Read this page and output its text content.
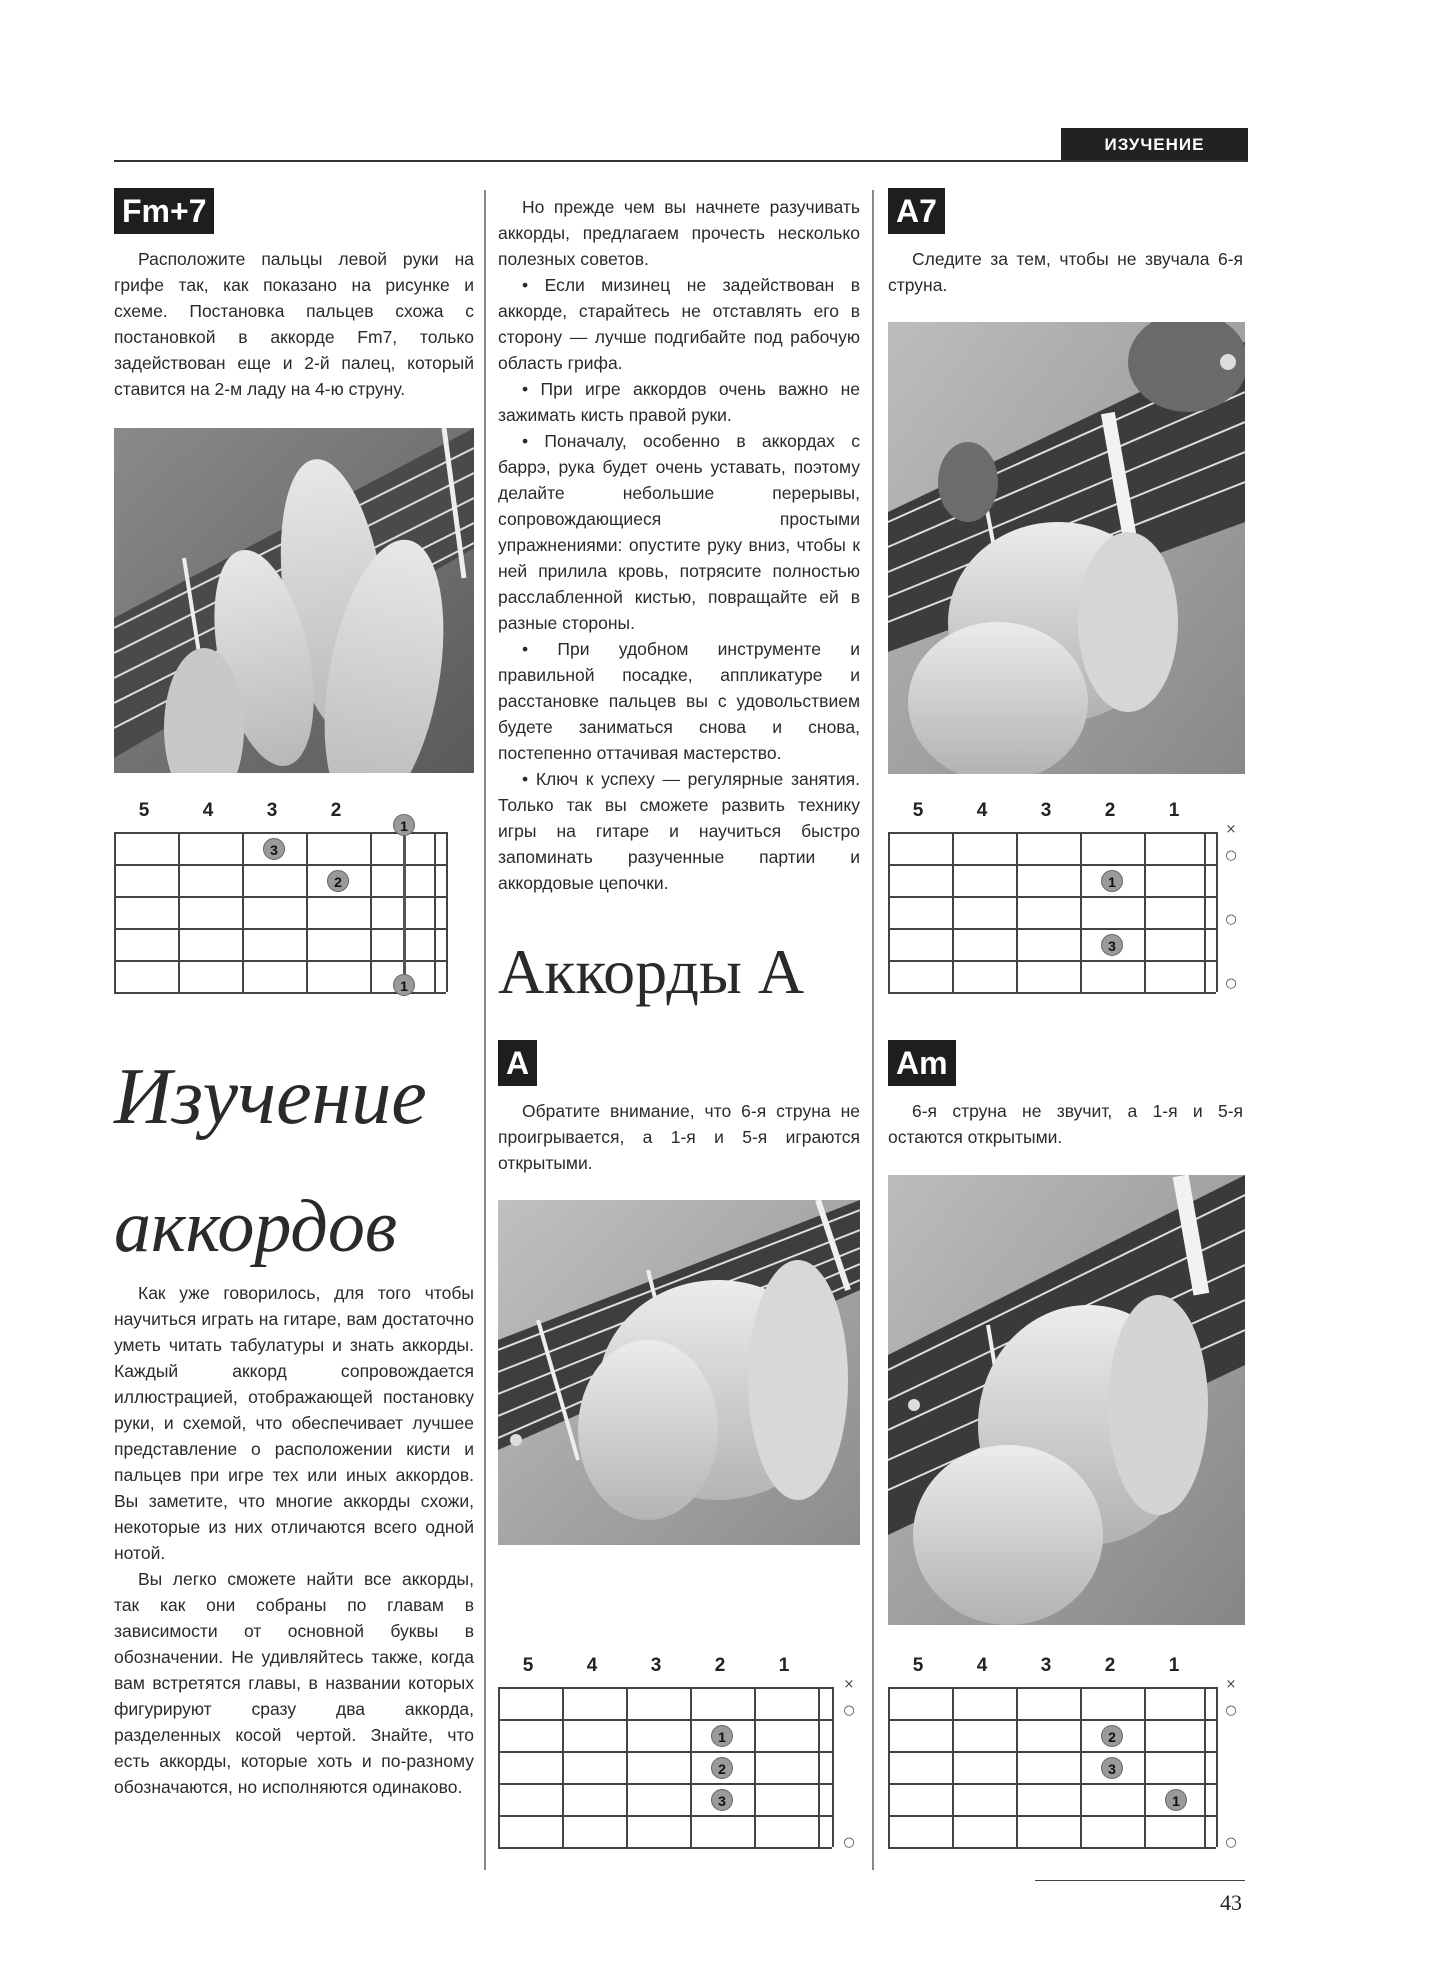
ИЗУЧЕНИЕ АККОРДОВ
Fm+7

Расположите пальцы левой руки на грифе так, как показано на рисунке и схеме. Постановка пальцев схожа с постановкой в аккорде Fm7, только задействован еще и 2-й палец, который ставится на 2-м ладу на 4-ю струну.

5	4	3	2
3
2
1
1
Изучение
аккордов

Как уже говорилось, для того чтобы научиться играть на гитаре, вам достаточно уметь читать табулатуры и знать аккорды. Каждый аккорд сопровождается иллюстрацией, отображающей постановку руки, и схемой, что обеспечивает лучшее представление о расположении кисти и пальцев при игре тех или иных аккордов. Вы заметите, что многие аккорды схожи, некоторые из них отличаются всего одной нотой.

Вы легко сможете найти все аккорды, так как они собраны по главам в зависимости от основной буквы в обозначении. Не удивляйтесь также, когда вам встретятся главы, в названии которых фигурируют сразу два аккорда, разделенных косой чертой. Знайте, что есть аккорды, которые хоть и по-разному обозначаются, но исполняются одинаково.

Но прежде чем вы начнете разучивать аккорды, предлагаем прочесть несколько полезных советов.

• Если мизинец не задействован в аккорде, старайтесь не отставлять его в сторону — лучше подгибайте под рабочую область грифа.

• При игре аккордов очень важно не зажимать кисть правой руки.

• Поначалу, особенно в аккордах с баррэ, рука будет очень уставать, поэтому делайте небольшие перерывы, сопровождающиеся простыми упражнениями: опустите руку вниз, чтобы к ней прилила кровь, потрясите полностью расслабленной кистью, повращайте ей в разные стороны.

• При удобном инструменте и правильной посадке, аппликатуре и расстановке пальцев вы с удовольствием будете заниматься снова и снова, постепенно оттачивая мастерство.

• Ключ к успеху — регулярные занятия. Только так вы сможете развить технику игры на гитаре и научиться быстро запоминать разученные партии и аккордовые цепочки.

Аккорды А
A

Обратите внимание, что 6-я струна не проигрывается, а 1-я и 5-я играются открытыми.

5	4	3	2	1
1
2
3
×
○
○
A7

Следите за тем, чтобы не звучала 6-я струна.

5	4	3	2	1
1
3
×
○
○
○
Am

6-я струна не звучит, а 1-я и 5-я остаются открытыми.

5	4	3	2	1
2
3
1
×
○
○
43
